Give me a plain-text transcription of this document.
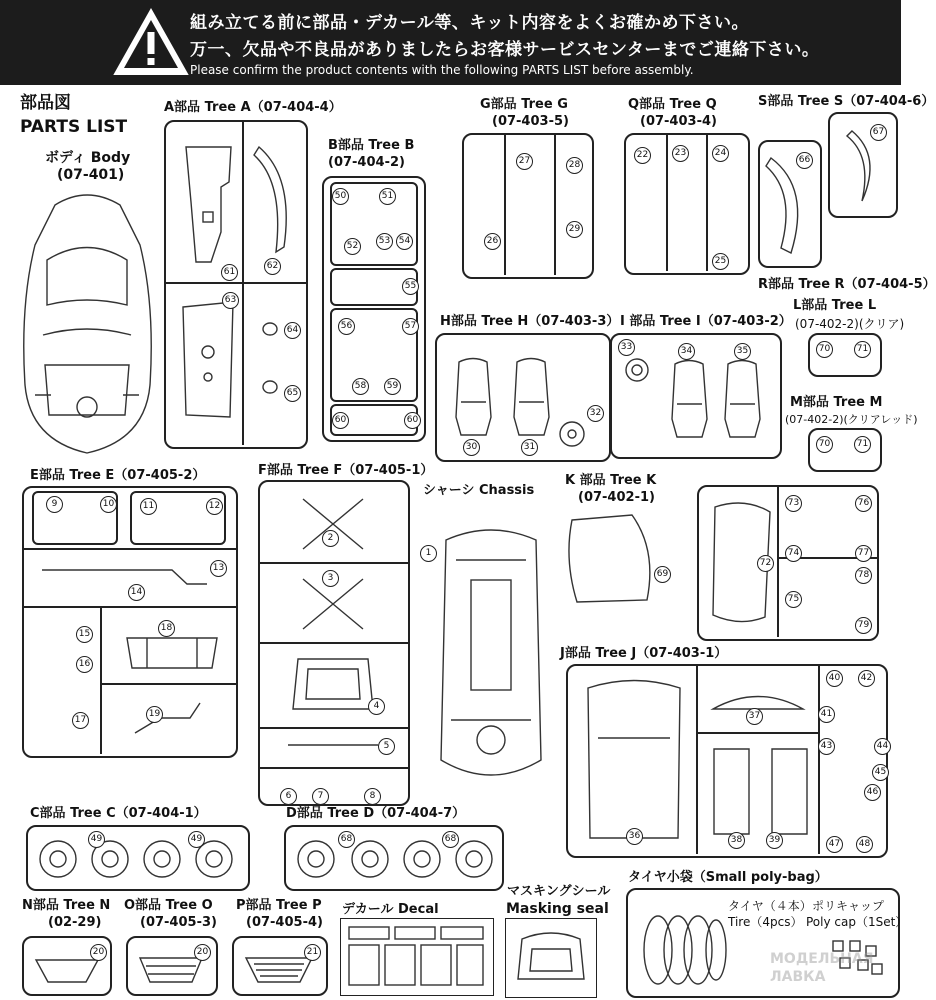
組み立てる前に部品・デカール等、キット内容をよくお確かめ下さい。
万一、欠品や不良品がありましたらお客様サービスセンターまでご連絡下さい。
Please confirm the product contents with the following PARTS LIST before assembly.
部品図
PARTS LIST
ボディ Body
(07-401)
A部品 Tree A（07-404-4）
61
62
63
64
65
B部品 Tree B
(07-404-2)
50	51
52	53 54
55
56	57
58	59
60	60
G部品 Tree G
(07-403-5)
26
27	28
29
Q部品 Tree Q
(07-403-4)
22	23	24
25
S部品 Tree S（07-404-6）
67
66
R部品 Tree R（07-404-5）
H部品 Tree H（07-403-3）
30	31
32
I 部品 Tree I（07-403-2）
33	34	35
L部品 Tree L
(07-402-2)(クリア)
70	71
M部品 Tree M
(07-402-2)(クリアレッド)
70	71
E部品 Tree E（07-405-2）
9	10	11	12
13
14
15
16
18
17
19
F部品 Tree F（07-405-1）
2
3
4
5
6	7	8
シャーシ Chassis
1
K 部品 Tree K
(07-402-1)
69
72
73
74
76
77
78
75
79
J部品 Tree J（07-403-1）
36
37
38	39
40
41
42
43	44
45
46
47	48
C部品 Tree C（07-404-1）
49	49
D部品 Tree D（07-404-7）
68	68
N部品 Tree N
(02-29)
20
O部品 Tree O
(07-405-3)
20
P部品 Tree P
(07-405-4)
21
デカール Decal
マスキングシール
Masking seal
タイヤ小袋（Small poly-bag）
タイヤ（４本）
Tire（4pcs）
ポリキャップ
Poly cap（1Set）
МОДЕЛЬНАЯ ЛАВКА
